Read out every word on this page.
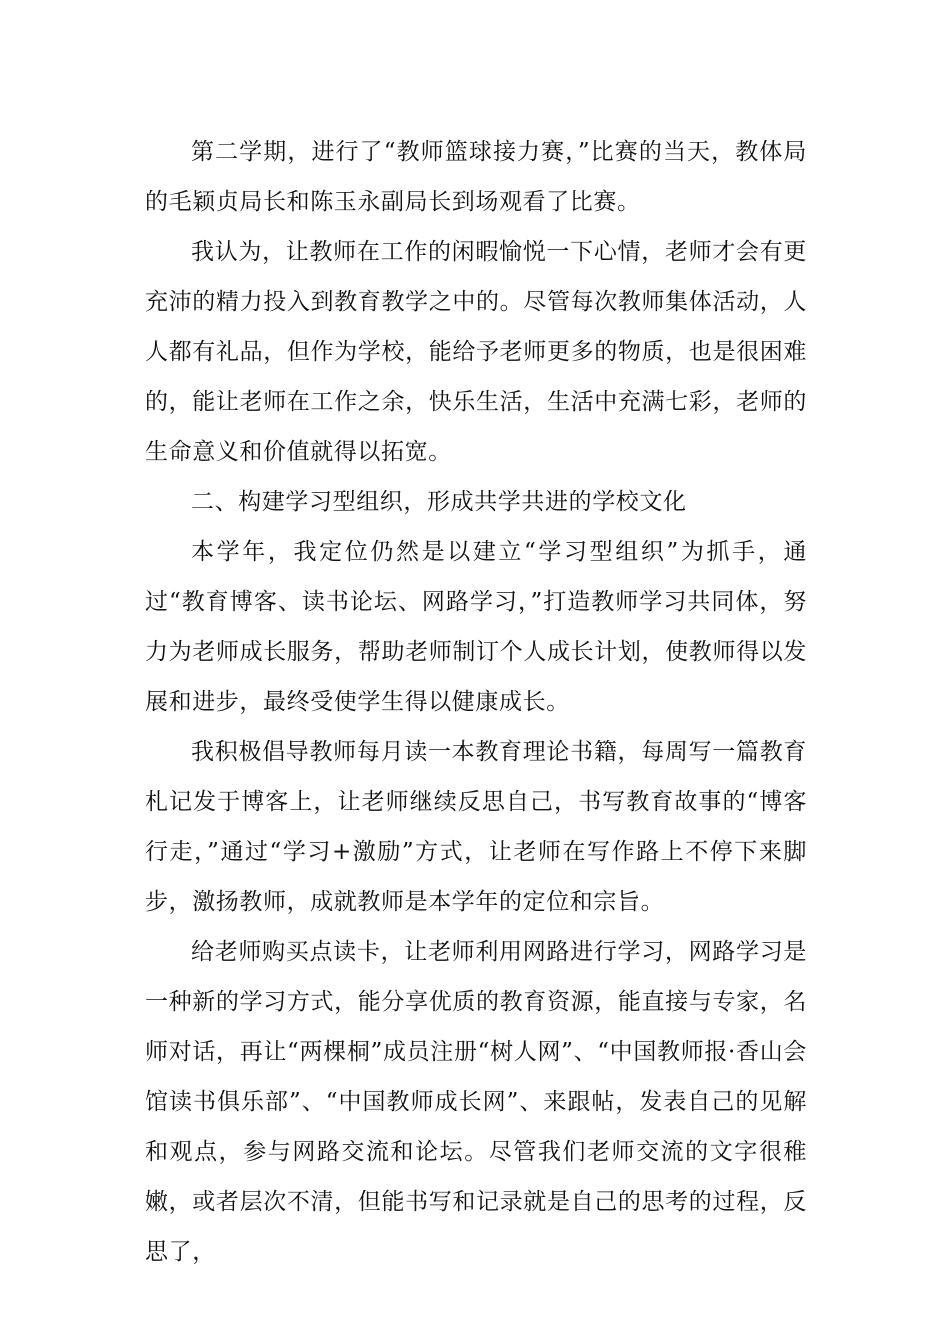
第二学期，进行了“教师篮球接力赛，”比赛的当天，教体局的毛颖贞局长和陈玉永副局长到场观看了比赛。

我认为，让教师在工作的闲暇愉悦一下心情，老师才会有更充沛的精力投入到教育教学之中的。尽管每次教师集体活动，人人都有礼品，但作为学校，能给予老师更多的物质，也是很困难的，能让老师在工作之余，快乐生活，生活中充满七彩，老师的生命意义和价值就得以拓宽。

二、构建学习型组织，形成共学共进的学校文化

本学年，我定位仍然是以建立“学习型组织”为抓手，通过“教育博客、读书论坛、网路学习，”打造教师学习共同体，努力为老师成长服务，帮助老师制订个人成长计划，使教师得以发展和进步，最终受使学生得以健康成长。

我积极倡导教师每月读一本教育理论书籍，每周写一篇教育札记发于博客上，让老师继续反思自己，书写教育故事的“博客行走，”通过“学习+激励”方式，让老师在写作路上不停下来脚步，激扬教师，成就教师是本学年的定位和宗旨。

给老师购买点读卡，让老师利用网路进行学习，网路学习是一种新的学习方式，能分享优质的教育资源，能直接与专家，名师对话，再让“两棵桐”成员注册“树人网”、“中国教师报·香山会馆读书俱乐部”、“中国教师成长网”、来跟帖，发表自己的见解和观点，参与网路交流和论坛。尽管我们老师交流的文字很稚嫩，或者层次不清，但能书写和记录就是自己的思考的过程，反思了，
